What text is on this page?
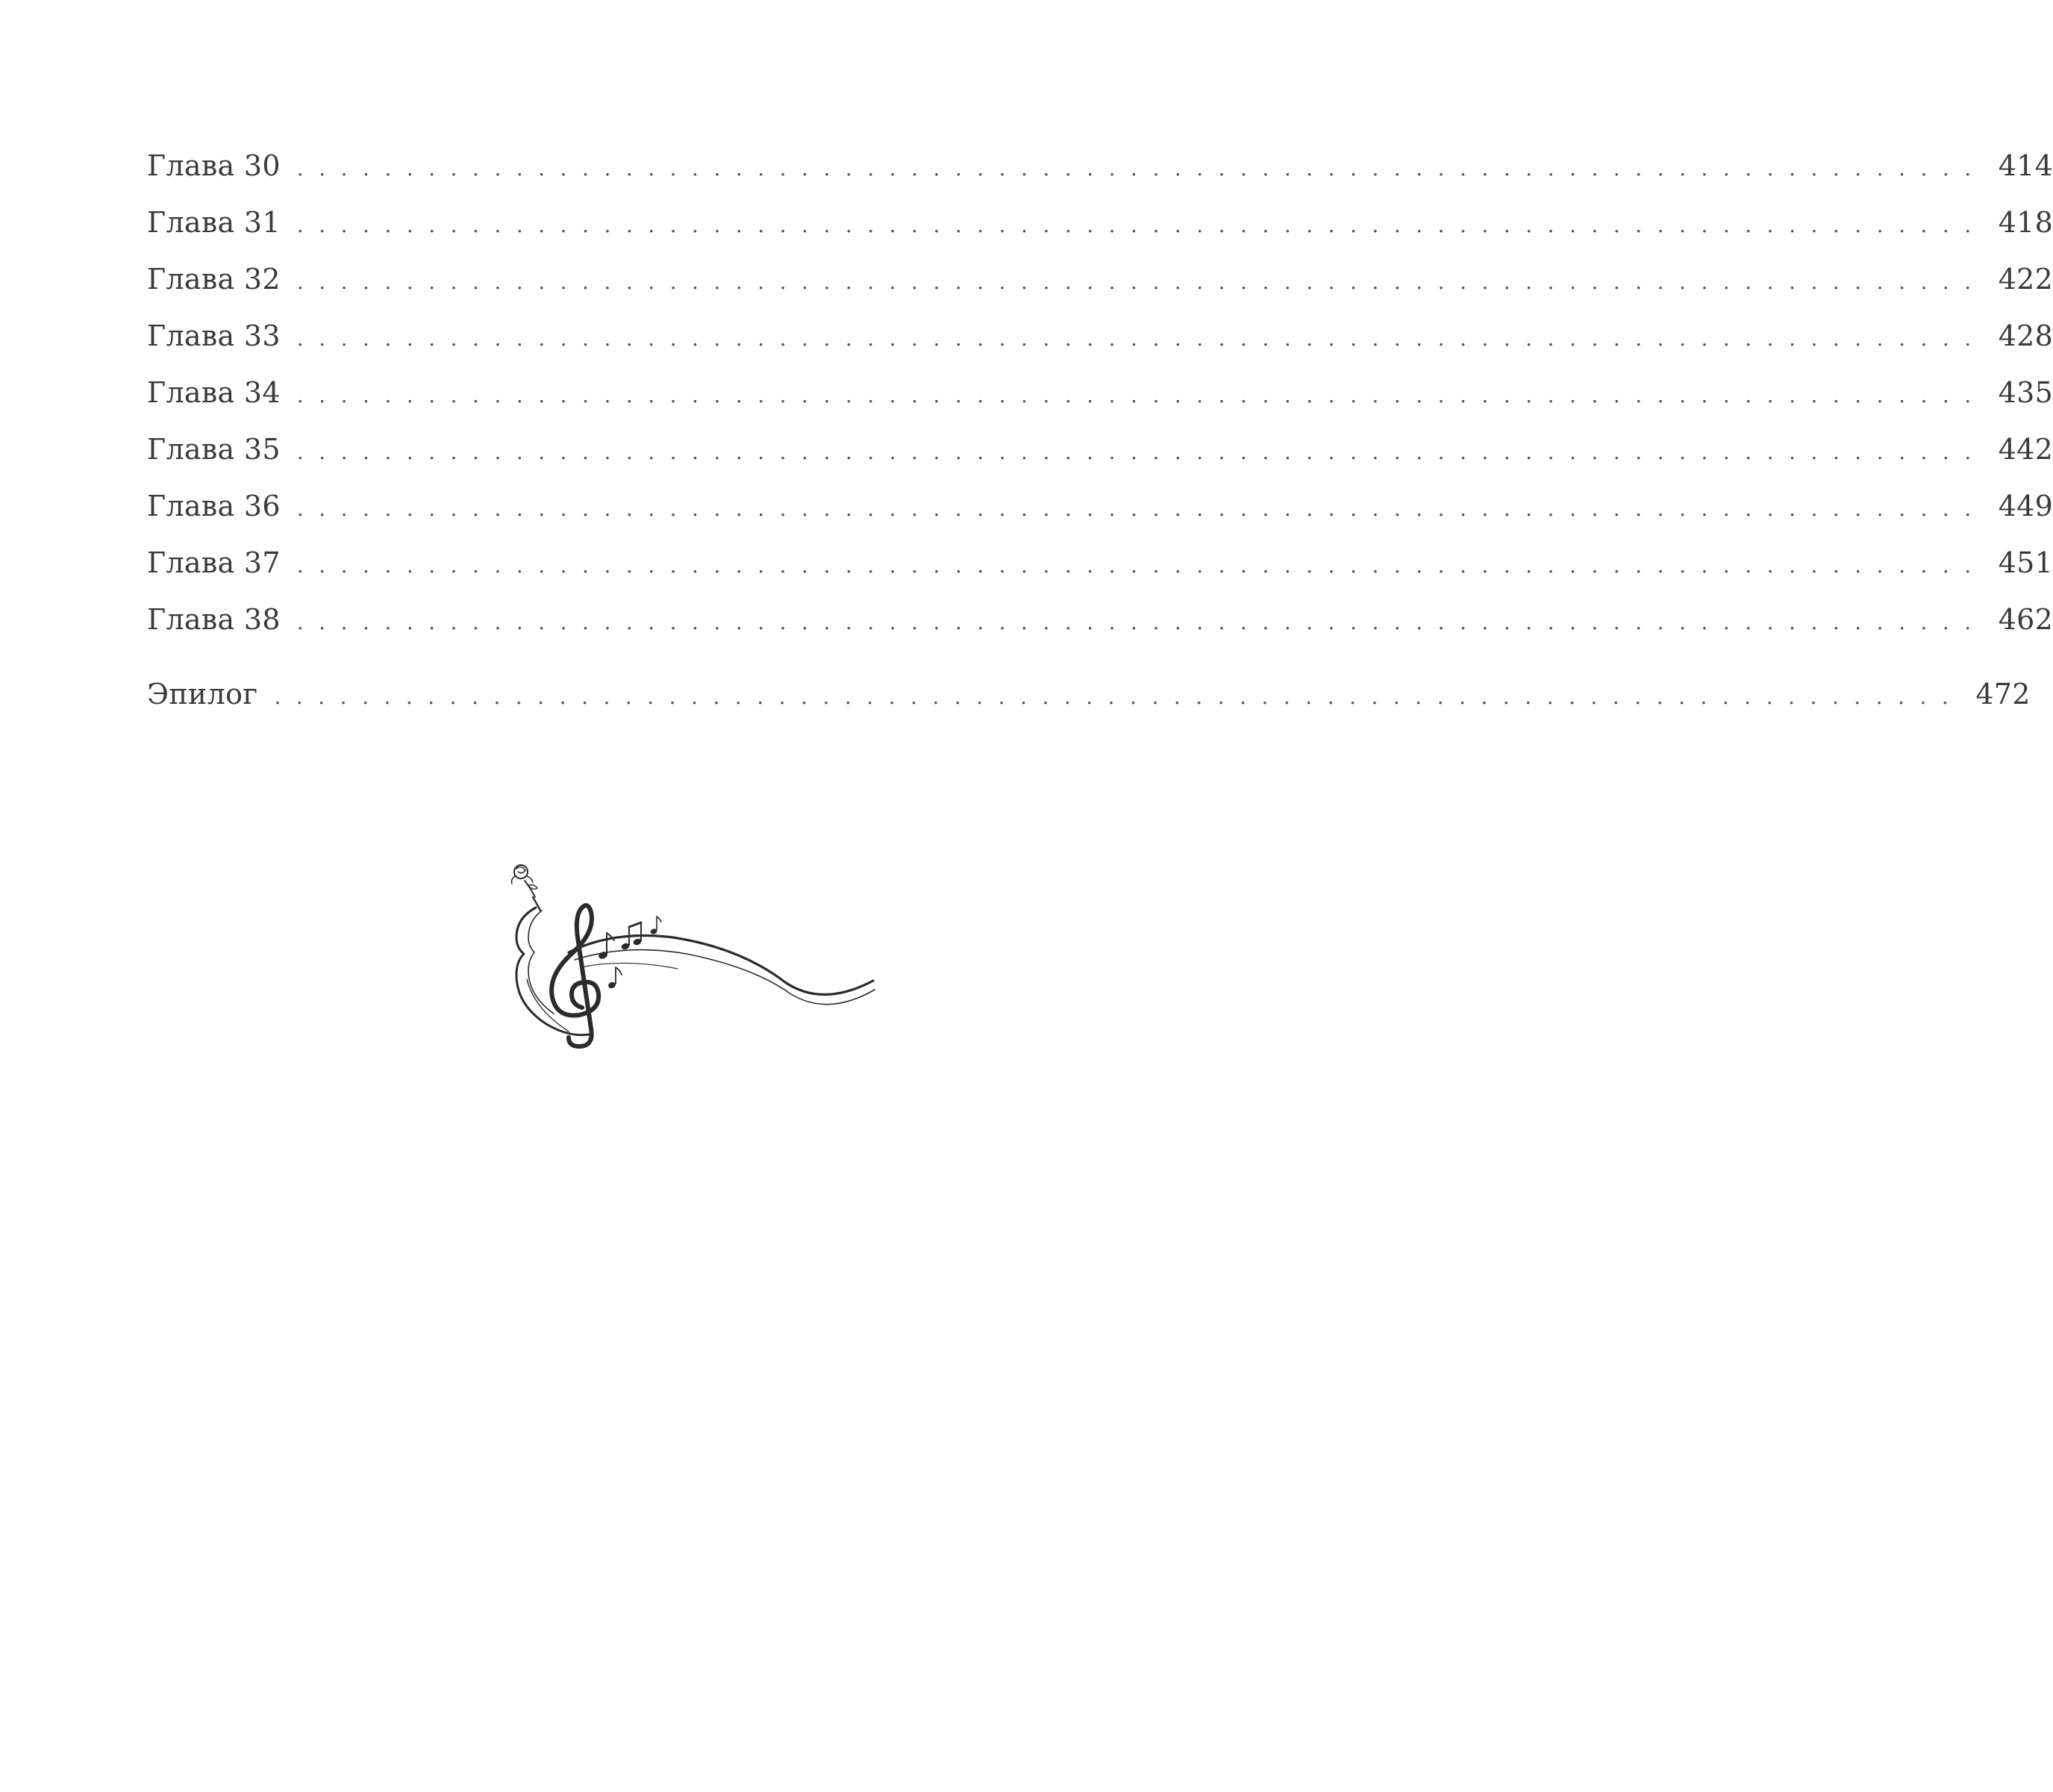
Глава 30 ............................................................................. 414
Глава 31 ............................................................................. 418
Глава 32 ............................................................................. 422
Глава 33 ............................................................................. 428
Глава 34 ............................................................................. 435
Глава 35 ............................................................................. 442
Глава 36 ............................................................................. 449
Глава 37 ............................................................................. 451
Глава 38 ............................................................................. 462
Эпилог ............................................................................. 472
